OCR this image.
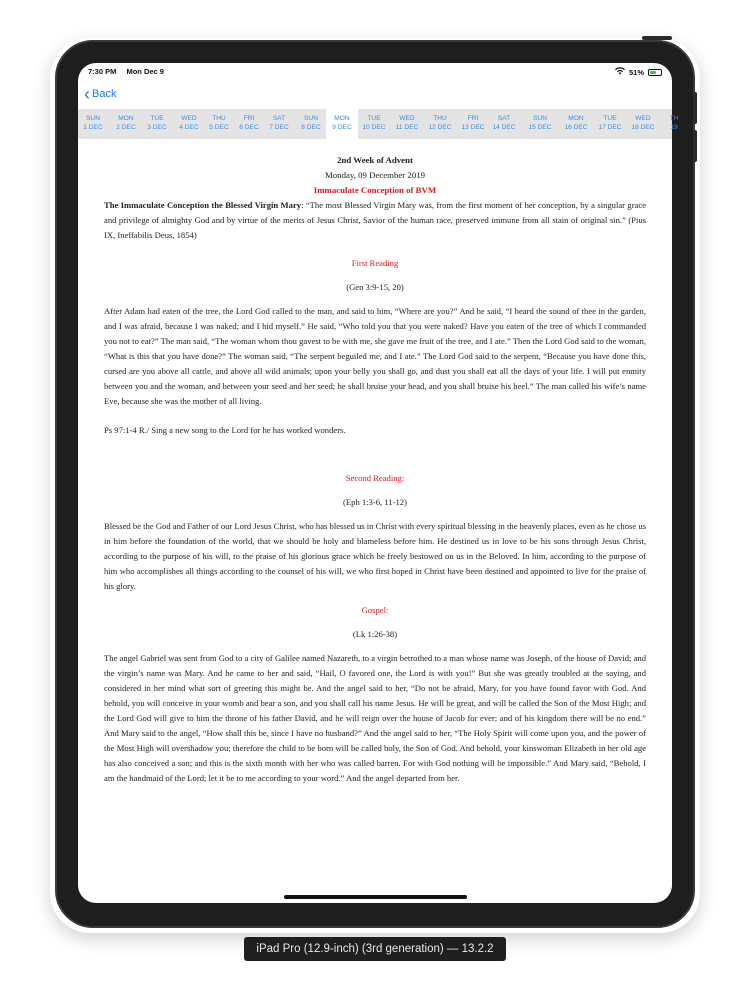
7:30 PM Mon Dec 9	51%
‹ Back
SUN
1 DEC
MON
2 DEC
TUE
3 DEC
WED
4 DEC
THU
5 DEC
FRI
6 DEC
SAT
7 DEC
SUN
8 DEC
MON
9 DEC
TUE
10 DEC
WED
11 DEC
THU
12 DEC
FRI
13 DEC
SAT
14 DEC
SUN
15 DEC
MON
16 DEC
TUE
17 DEC
WED
18 DEC
TH
19
2nd Week of Advent
Monday, 09 December 2019
Immaculate Conception of BVM
The Immaculate Conception the Blessed Virgin Mary: “The most Blessed Virgin Mary was, from the first moment of her conception, by a singular grace and privilege of almighty God and by virtue of the merits of Jesus Christ, Savior of the human race, preserved immune from all stain of original sin.” (Pius IX, Ineffabilis Deus, 1854)
First Reading
(Gen 3:9-15, 20)
After Adam had eaten of the tree, the Lord God called to the man, and said to him, “Where are you?” And he said, “I heard the sound of thee in the garden, and I was afraid, because I was naked; and I hid myself.” He said, “Who told you that you were naked? Have you eaten of the tree of which I commanded you not to eat?” The man said, “The woman whom thou gavest to be with me, she gave me fruit of the tree, and I ate.” Then the Lord God said to the woman, “What is this that you have done?” The woman said, “The serpent beguiled me, and I ate.” The Lord God said to the serpent, “Because you have done this, cursed are you above all cattle, and above all wild animals; upon your belly you shall go, and dust you shall eat all the days of your life. I will put enmity between you and the woman, and between your seed and her seed; he shall bruise your head, and you shall bruise his heel.” The man called his wife’s name Eve, because she was the mother of all living.
Ps 97:1-4 R./ Sing a new song to the Lord for he has worked wonders.
Second Reading:
(Eph 1:3-6, 11-12)
Blessed be the God and Father of our Lord Jesus Christ, who has blessed us in Christ with every spiritual blessing in the heavenly places, even as he chose us in him before the foundation of the world, that we should be holy and blameless before him. He destined us in love to be his sons through Jesus Christ, according to the purpose of his will, to the praise of his glorious grace which he freely bestowed on us in the Beloved. In him, according to the purpose of him who accomplishes all things according to the counsel of his will, we who first hoped in Christ have been destined and appointed to live for the praise of his glory.
Gospel:
(Lk 1:26-38)
The angel Gabriel was sent from God to a city of Galilee named Nazareth, to a virgin betrothed to a man whose name was Joseph, of the house of David; and the virgin’s name was Mary. And he came to her and said, “Hail, O favored one, the Lord is with you!” But she was greatly troubled at the saying, and considered in her mind what sort of greeting this might be. And the angel said to her, “Do not be afraid, Mary, for you have found favor with God. And behold, you will conceive in your womb and bear a son, and you shall call his name Jesus. He will be great, and will be called the Son of the Most High; and the Lord God will give to him the throne of his father David, and he will reign over the house of Jacob for ever; and of his kingdom there will be no end.” And Mary said to the angel, “How shall this be, since I have no husband?” And the angel said to her, “The Holy Spirit will come upon you, and the power of the Most High will overshadow you; therefore the child to be born will be called holy, the Son of God. And behold, your kinswoman Elizabeth in her old age has also conceived a son; and this is the sixth month with her who was called barren. For with God nothing will be impossible.” And Mary said, “Behold, I am the handmaid of the Lord; let it be to me according to your word.” And the angel departed from her.
iPad Pro (12.9-inch) (3rd generation) — 13.2.2
